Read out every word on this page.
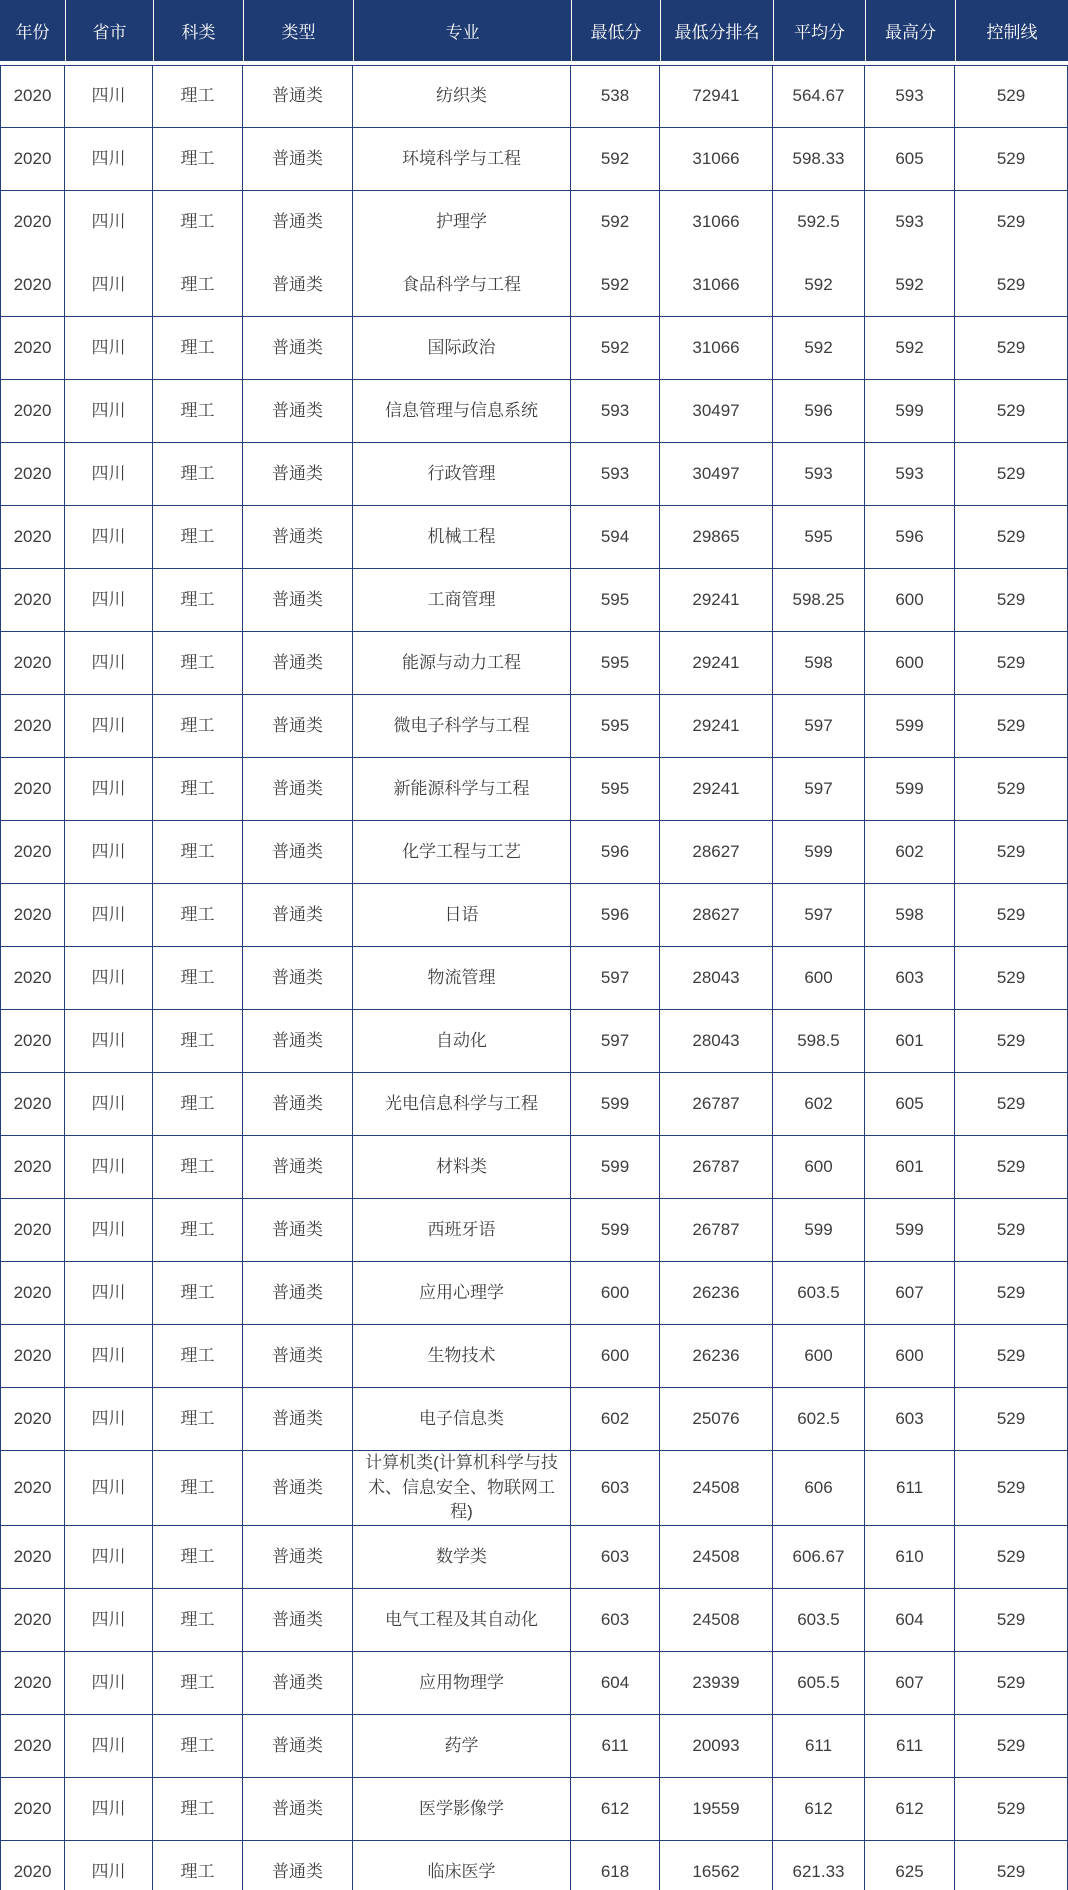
年份	省市	科类	类型	专业	最低分	最低分排名	平均分	最高分	控制线
2020	四川	理工	普通类	纺织类	538	72941	564.67	593	529
2020	四川	理工	普通类	环境科学与工程	592	31066	598.33	605	529
2020	四川	理工	普通类	护理学	592	31066	592.5	593	529
2020	四川	理工	普通类	食品科学与工程	592	31066	592	592	529
2020	四川	理工	普通类	国际政治	592	31066	592	592	529
2020	四川	理工	普通类	信息管理与信息系统	593	30497	596	599	529
2020	四川	理工	普通类	行政管理	593	30497	593	593	529
2020	四川	理工	普通类	机械工程	594	29865	595	596	529
2020	四川	理工	普通类	工商管理	595	29241	598.25	600	529
2020	四川	理工	普通类	能源与动力工程	595	29241	598	600	529
2020	四川	理工	普通类	微电子科学与工程	595	29241	597	599	529
2020	四川	理工	普通类	新能源科学与工程	595	29241	597	599	529
2020	四川	理工	普通类	化学工程与工艺	596	28627	599	602	529
2020	四川	理工	普通类	日语	596	28627	597	598	529
2020	四川	理工	普通类	物流管理	597	28043	600	603	529
2020	四川	理工	普通类	自动化	597	28043	598.5	601	529
2020	四川	理工	普通类	光电信息科学与工程	599	26787	602	605	529
2020	四川	理工	普通类	材料类	599	26787	600	601	529
2020	四川	理工	普通类	西班牙语	599	26787	599	599	529
2020	四川	理工	普通类	应用心理学	600	26236	603.5	607	529
2020	四川	理工	普通类	生物技术	600	26236	600	600	529
2020	四川	理工	普通类	电子信息类	602	25076	602.5	603	529
2020	四川	理工	普通类	计算机类(计算机科学与技术、信息安全、物联网工程)	603	24508	606	611	529
2020	四川	理工	普通类	数学类	603	24508	606.67	610	529
2020	四川	理工	普通类	电气工程及其自动化	603	24508	603.5	604	529
2020	四川	理工	普通类	应用物理学	604	23939	605.5	607	529
2020	四川	理工	普通类	药学	611	20093	611	611	529
2020	四川	理工	普通类	医学影像学	612	19559	612	612	529
2020	四川	理工	普通类	临床医学	618	16562	621.33	625	529
